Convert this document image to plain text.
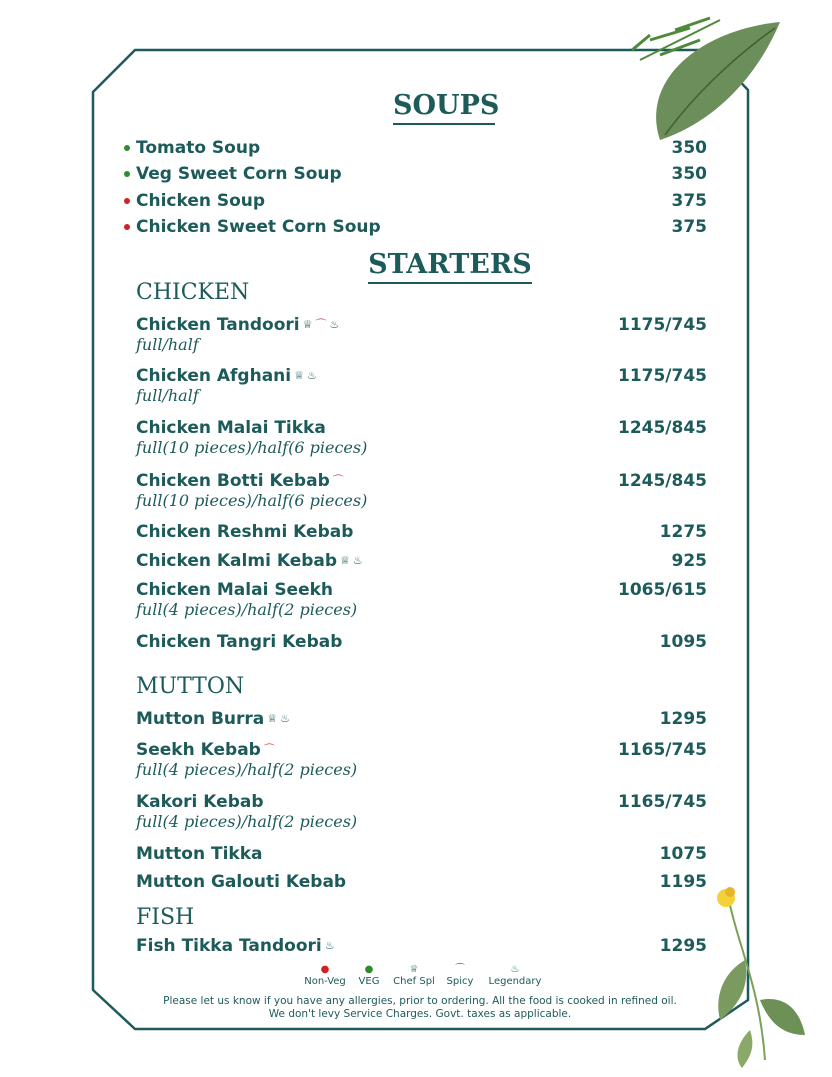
SOUPS
Tomato Soup	350
Veg Sweet Corn Soup	350
Chicken Soup	375
Chicken Sweet Corn Soup	375
STARTERS
CHICKEN
MUTTON
FISH
Chicken Tandoori ♕ ⌒ ♨	1175/745
full/half
Chicken Afghani ♕ ♨	1175/745
full/half
Chicken Malai Tikka	1245/845
full(10 pieces)/half(6 pieces)
Chicken Botti Kebab ⌒	1245/845
full(10 pieces)/half(6 pieces)
Chicken Reshmi Kebab	1275
Chicken Kalmi Kebab ♕ ♨	925
Chicken Malai Seekh	1065/615
full(4 pieces)/half(2 pieces)
Chicken Tangri Kebab	1095
Mutton Burra ♕ ♨	1295
Seekh Kebab ⌒	1165/745
full(4 pieces)/half(2 pieces)
Kakori Kebab	1165/745
full(4 pieces)/half(2 pieces)
Mutton Tikka	1075
Mutton Galouti Kebab	1195
Fish Tikka Tandoori ♨	1295
●
Non-Veg
●
VEG
♕
Chef Spl
⌒
Spicy
♨
Legendary
Please let us know if you have any allergies, prior to ordering. All the food is cooked in refined oil.
We don't levy Service Charges. Govt. taxes as applicable.
